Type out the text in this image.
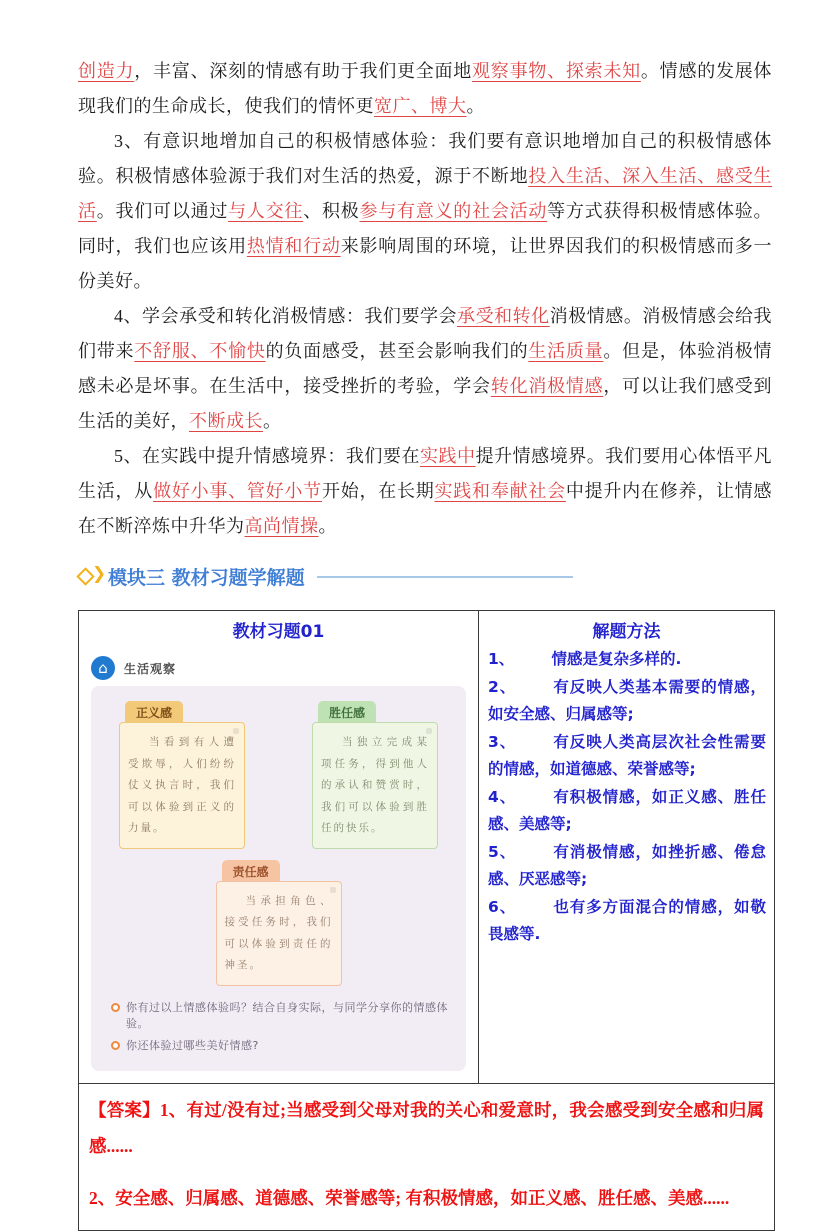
创造力，丰富、深刻的情感有助于我们更全面地观察事物、探索未知。情感的发展体现我们的生命成长，使我们的情怀更宽广、博大。

3、有意识地增加自己的积极情感体验：我们要有意识地增加自己的积极情感体验。积极情感体验源于我们对生活的热爱，源于不断地投入生活、深入生活、感受生活。我们可以通过与人交往、积极参与有意义的社会活动等方式获得积极情感体验。同时，我们也应该用热情和行动来影响周围的环境，让世界因我们的积极情感而多一份美好。

4、学会承受和转化消极情感：我们要学会承受和转化消极情感。消极情感会给我们带来不舒服、不愉快的负面感受，甚至会影响我们的生活质量。但是，体验消极情感未必是坏事。在生活中，接受挫折的考验，学会转化消极情感，可以让我们感受到生活的美好，不断成长。

5、在实践中提升情感境界：我们要在实践中提升情感境界。我们要用心体悟平凡生活，从做好小事、管好小节开始，在长期实践和奉献社会中提升内在修养，让情感在不断淬炼中升华为高尚情操。

❯ 模块三 教材习题学解题
教材习题01
⌂	生活观察
正义感
当看到有人遭受欺辱，人们纷纷仗义执言时，我们可以体验到正义的力量。
胜任感
当独立完成某项任务，得到他人的承认和赞赏时，我们可以体验到胜任的快乐。
责任感
当承担角色、接受任务时，我们可以体验到责任的神圣。
你有过以上情感体验吗？结合自身实际，与同学分享你的情感体验。
你还体验过哪些美好情感?

解题方法

1、 情感是复杂多样的.

2、 有反映人类基本需要的情感，如安全感、归属感等;

3、 有反映人类高层次社会性需要的情感，如道德感、荣誉感等;

4、 有积极情感，如正义感、胜任感、美感等;

5、 有消极情感，如挫折感、倦怠感、厌恶感等;

6、 也有多方面混合的情感，如敬畏感等.

【答案】1、有过/没有过;当感受到父母对我的关心和爱意时，我会感受到安全感和归属感......

2、安全感、归属感、道德感、荣誉感等; 有积极情感，如正义感、胜任感、美感......
